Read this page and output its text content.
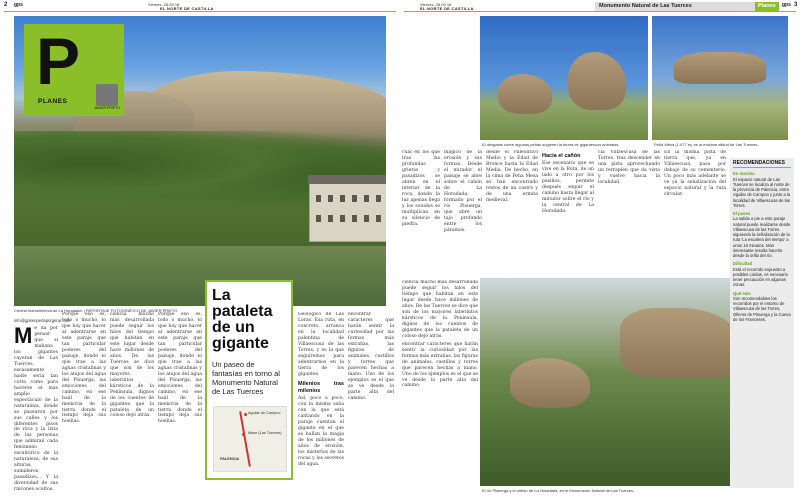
2 gps	Viernes, 28.09.18
EL NORTE DE CASTILLA
P
PLANES
JAVIER PRIETO
Central hidroeléctrica de La Horadada. | REPORTAJE FOTOGRÁFICO DE JAVIER PRIETO
info@gpsenperlaporgerar.com
M e da por pensar que si mañana los gigantes cayeran de Las Tuerces, escasamente nadie sería tan corto como para hacerse el más amplio espectáculo de la naturaleza, donde se pasearon por sus calles y los diferentes pisos de roca y la lista de las personas que admiran cada fenómeno escultórico de la naturaleza, de sus alturas, sumideros, pasadizos... Y la diversidad de sus rincones ocultos.

Porque eso es, todo o mucho, lo que hay que hacer al adentrarse en este paraje que tan particular poderes del paisaje, donde lo que trae a las aguas cristalinas y los atajos del agua del Pisuerga, las emociones del camino, en ese baúl de la memoria de la tierra donde el tiempo deja sus huellas.

ciencia mucho más desarrollada puede seguir los hilos del tiempo que habitan en este lugar desde hace millones de años. De las Tuerces se dice que son de los mayores laberintos kársticos de la Península, dignos de los cuentos de gigantes que la pataleta de un coloso dejó atrás.

Porque eso es, todo o mucho, lo que hay que hacer al adentrarse en este paraje que tan particular poderes del paisaje, donde lo que trae a las aguas cristalinas y los atajos del agua del Pisuerga, las emociones del camino, en ese baúl de la memoria de la tierra donde el tiempo deja sus huellas.

La pataleta de un gigante
Un paseo de fantasías en torno al Monumento Natural de Las Tuerces
Aguilar de Campoo
Mave (Las Tuerces)
PALENCIA

Geológico de Las Loras. Esa ruta, en concreto, arranca en la localidad palentina de Villaescusa de las Torres, y es la que seguiremos para adentrarnos en la tierra de los gigantes.

Milenios tras milenios

Así, poco a poco, con la misma saña con la que está cantando en la paraje cuentan el gigante en el que se hallan la magia de los millones de años de erosión, los misterios de las rocas y los secretos del agua.

encontrar caracteres que harán sentir la curiosidad por las formas más extrañas, las figuras de animales, castillos y torres que parecen hechas a mano. Uno de los ejemplos es el que se ve desde la parte alta del camino.

Viernes, 28.09.18
EL NORTE DE CASTILLA
gps 3
Monumento Natural de Las Tuerces	Planes
El desgaste sobre algunas peñas sugieren la forma de gigantescos animales.	Peña Mesa (1.077 m) es la máxima altitud de Las Tuerces.

cual en los que tras las profundas grietas y pasadizos se abren en el interior de la roca, donde la luz apenas llega y los sonidos se multiplican en su silencio de piedra.

mágico de la erosión y sus formas. Desde el mirador el paisaje se abre sobre el cañón de La Horadada, formado por el río Pisuerga, que abre un tajo profundo entre los páramos.

desde el Paleolítico Medio y la Edad de Bronce hasta la Edad Media. De hecho, en la cima de Peña Mesa se han encontrado restos de un castro y de una ermita medieval.

Hacia el cañón

Ese escenario que se vive en la Ruta, de un lado a otro por los pasillos, permite después seguir el camino hasta llegar al mirador sobre el río y la central de La Horadada.

cia Villaescusa de las Torres, tras descender en una pista aprovechando un terraplén que da vista y vuelve hacia la localidad.

En la misma pista de tierra que, ya en Villaescusa, pasa por debajo de su cementerio. Un poco más adelante se ve ya la señalización del espacio natural y la ruta circular.

ciencia mucho más desarrollada puede seguir los hilos del tiempo que habitan en este lugar desde hace millones de años. De las Tuerces se dice que son de los mayores laberintos kársticos de la Península, dignos de los cuentos de gigantes que la pataleta de un coloso dejó atrás.

encontrar caracteres que harán sentir la curiosidad por las formas más extrañas, las figuras de animales, castillos y torres que parecen hechas a mano. Uno de los ejemplos es el que se ve desde la parte alta del camino.

El río Pisuerga y el cañón de La Horadada, en el Monumento Natural de Las Tuerces.
RECOMENDACIONES
En marcha
El espacio natural de Las Tuerces se localiza al norte de la provincia de Palencia, entre Aguilar de Campoo y junto a la localidad de Villaescusa de las Torres.
El paseo
La salida a pie a este paraje natural puede realizarse desde Villaescusa de las Torres siguiendo la señalización de la ruta 'La escalera del tiempo' a unos 10 minutos. Más interesante resulta hacerlo desde la orilla del río.
Dificultad
Está el recorrido expuesto a posibles caídas, es necesario tener precaución en algunas zonas.
Qué más
Son recomendables los recorridos por el entorno de Villaescusa de las Torres, Olleros de Pisuerga y la Cueva de los Franceses.
